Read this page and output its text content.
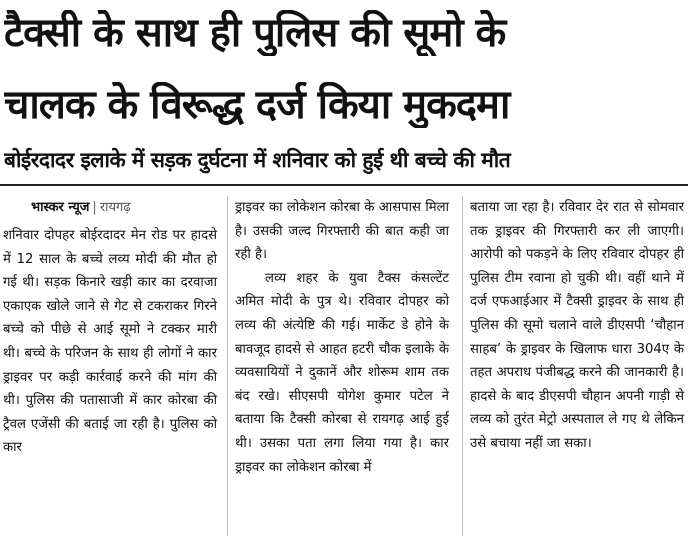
टैक्सी के साथ ही पुलिस की सूमो के
चालक के विरूद्ध दर्ज किया मुकदमा
बोईरदादर इलाके में सड़क दुर्घटना में शनिवार को हुई थी बच्चे की मौत
भास्कर न्यूज | रायगढ़

शनिवार दोपहर बोईरदादर मेन रोड पर हादसे में 12 साल के बच्चे लव्य मोदी की मौत हो गई थी। सड़क किनारे खड़ी कार का दरवाजा एकाएक खोले जाने से गेट से टकराकर गिरने बच्चे को पीछे से आई सूमो ने टक्कर मारी थी। बच्चे के परिजन के साथ ही लोगों ने कार ड्राइवर पर कड़ी कार्रवाई करने की मांग की थी। पुलिस की पतासाजी में कार कोरबा की ट्रैवल एजेंसी की बताई जा रही है। पुलिस को कार

ड्राइवर का लोकेशन कोरबा के आसपास मिला है। उसकी जल्द गिरफ्तारी की बात कही जा रही है।

लव्य शहर के युवा टैक्स कंसल्टेंट अमित मोदी के पुत्र थे। रविवार दोपहर को लव्य की अंत्येष्टि की गई। मार्केट डे होने के बावजूद हादसे से आहत हटरी चौक इलाके के व्यवसायियों ने दुकानें और शोरूम शाम तक बंद रखे। सीएसपी योगेश कुमार पटेल ने बताया कि टैक्सी कोरबा से रायगढ़ आई हुई थी। उसका पता लगा लिया गया है। कार ड्राइवर का लोकेशन कोरबा में

बताया जा रहा है। रविवार देर रात से सोमवार तक ड्राइवर की गिरफ्तारी कर ली जाएगी। आरोपी को पकड़ने के लिए रविवार दोपहर ही पुलिस टीम रवाना हो चुकी थी। वहीं थाने में दर्ज एफआईआर में टैक्सी ड्राइवर के साथ ही पुलिस की सूमो चलाने वाले डीएसपी ‘चौहान साहब’ के ड्राइवर के खिलाफ धारा 304ए के तहत अपराध पंजीबद्ध करने की जानकारी है। हादसे के बाद डीएसपी चौहान अपनी गाड़ी से लव्य को तुरंत मेट्रो अस्पताल ले गए थे लेकिन उसे बचाया नहीं जा सका।
